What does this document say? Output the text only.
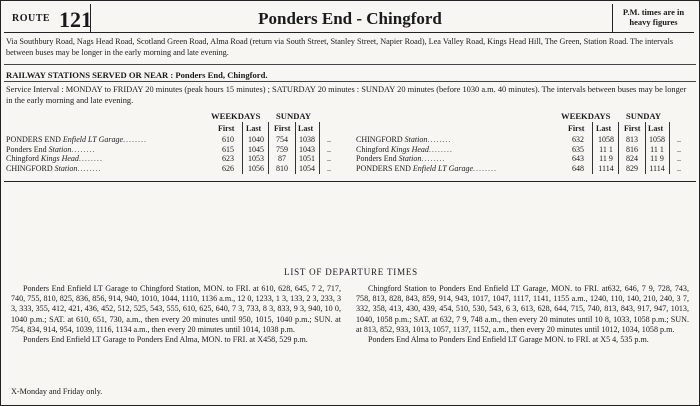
ROUTE 121	Ponders End - Chingford	P.M. times are in heavy figures
Via Southbury Road, Nags Head Road, Scotland Green Road, Alma Road (return via South Street, Stanley Street, Napier Road), Lea Valley Road, Kings Head Hill, The Green, Station Road. The intervals between buses may be longer in the early morning and late evening.
RAILWAY STATIONS SERVED OR NEAR : Ponders End, Chingford.
Service Interval : MONDAY to FRIDAY 20 minutes (peak hours 15 minutes) ; SATURDAY 20 minutes : SUNDAY 20 minutes (before 1030 a.m. 40 minutes). The intervals between buses may be longer in the early morning and late evening.
WEEKDAYS SUNDAY
First Last First Last
PONDERS END Enfield LT Garage ........	610	1040	754	1038	..
Ponders End Station ........	615	1045	759	1043	..
Chingford Kings Head ........	623	1053	87	1051	..
CHINGFORD Station ........	626	1056	810	1054	..
WEEKDAYS SUNDAY
First Last First Last
CHINGFORD Station ........	632	1058	813	1058	..
Chingford Kings Head ........	635	11 1	816	11 1	..
Ponders End Station ........	643	11 9	824	11 9	..
PONDERS END Enfield LT Garage ........	648	1114	829	1114	..
LIST OF DEPARTURE TIMES

Ponders End Enfield LT Garage to Chingford Station, MON. to FRI. at 610, 628, 645, 7 2, 717, 740, 755, 810, 825, 836, 856, 914, 940, 1010, 1044, 1110, 1136 a.m., 12 0, 1233, 1 3, 133, 2 3, 233, 3 3, 333, 355, 412, 421, 436, 452, 512, 525, 543, 555, 610, 625, 640, 7 3, 733, 8 3, 833, 9 3, 940, 10 0, 1040 p.m.; SAT. at 610, 651, 730, a.m., then every 20 minutes until 950, 1015, 1040 p.m.; SUN. at 754, 834, 914, 954, 1039, 1116, 1134 a.m., then every 20 minutes until 1014, 1038 p.m.

Ponders End Enfield LT Garage to Ponders End Alma, MON. to FRI. at X458, 529 p.m.

Chingford Station to Ponders End Enfield LT Garage, MON. to FRI. at632, 646, 7 9, 728, 743, 758, 813, 828, 843, 859, 914, 943, 1017, 1047, 1117, 1141, 1155 a.m., 1240, 110, 140, 210, 240, 3 7, 332, 358, 413, 430, 439, 454, 510, 530, 543, 6 3, 613, 628, 644, 715, 740, 813, 843, 917, 947, 1013, 1040, 1058 p.m.; SAT. at 632, 7 9, 748 a.m., then every 20 minutes until 10 8, 1033, 1058 p.m.; SUN. at 813, 852, 933, 1013, 1057, 1137, 1152, a.m., then every 20 minutes until 1012, 1034, 1058 p.m.

Ponders End Alma to Ponders End Enfield LT Garage MON. to FRI. at X5 4, 535 p.m.

X-Monday and Friday only.
